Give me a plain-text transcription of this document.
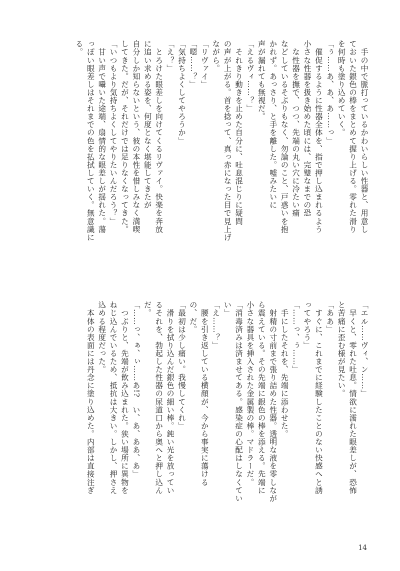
　手の中で脈打っているかわいらしい性器と、用意し

ておいた銀色の棒をまとめて握り上げる。零れた滑り

を何時も塗り込めていく。

「ぅ……あ、あ、あ……っ」

　催促するように性器全体を、指で押し込まれるよう

小さな性器を扱き始めた頃には、完璧なまでの恐

　な性器を撫で、つつ、先端の丸い穴に冷たい痛

などしているそぶりもなく、勿論のこと、戸惑いを抱

かれず。あっさり、と手を離した。嘘みたいに

声が漏れても無視だ。

「えるヴィ……？」

　それきり動きを止めた自分に、吐息混じりに疑問

の声が上がる。首を捻って、真っ赤になった目で見上げ

ながら。

「リヴァイ」

「嗯……？」

「気持ちよくしてやろうか」

「え？」

　とろけた眼差しを向けてくるリヴァイ。快楽を奔放

に追い求める姿を、何度となく堪能してきたが

自分しか知らないという、彼の本性を惜しみなく満喫

してきた。だが、それだけでは足りなくなってきた。

「いつもより気持ちよくしてやりたいんだろう？」

　甘い声で囁いた途端、扇情的な眼差しが揺れた。蕩

っぽい眼差しはそれまでの色を払拭していく。無意識に

る。

「エル……ヴィ、ン……」

　早くと、零れた吐息。情欲に濡れた眼差しが、恐怖

と苦痛に歪む様が見たい。

「ああ」

　すぐに、これまでに経験したことのない快感へと誘

ってやろう」

「……っ、ぅ……」

　手にしたそれを、先端に添わせた。

　射精の寸前まで張り詰めた性器。透明な液を零しなが

ら震えている。その先端に銀色の棒を添える。先端に

小さな器具を挿入された金属製の棒。マドラーだ。

「消毒済みは済ませてある。感染症の心配はしなくてい

い」

「え……？」

　腰を引き返している横顔が、今から事実に蕩ける

の、だ。

「最初は少し痛い。我慢してくれ」

　滑りを拭り込んだ銀色の細い棒。鈍い光を放ってい

るそれを、勃起した性器の尿道口から奥へと押し込ん

だ。

「……っ、ぁ、ぃ……あ!?　い、あ、ああ、あ」

　つぶりと、先端が飲み込まれた。狭い場所に異物を

ねじ込んでいるため、抵抗は大きい。しかし、押さえ

込める程度だった。

　本体の表面には丹念に塗り込めた。内部は直接注ぎ

14
